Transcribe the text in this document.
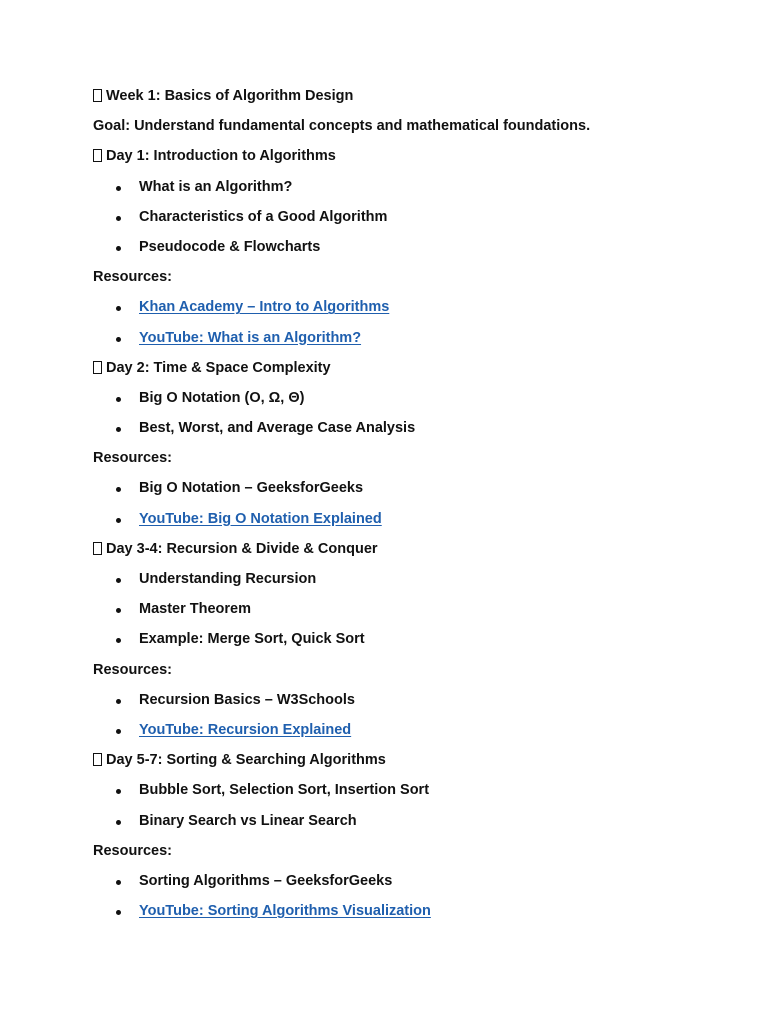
Week 1: Basics of Algorithm Design
Goal: Understand fundamental concepts and mathematical foundations.
Day 1: Introduction to Algorithms
What is an Algorithm?
Characteristics of a Good Algorithm
Pseudocode & Flowcharts
Resources:
Khan Academy – Intro to Algorithms
YouTube: What is an Algorithm?
Day 2: Time & Space Complexity
Big O Notation (O, Ω, Θ)
Best, Worst, and Average Case Analysis
Resources:
Big O Notation – GeeksforGeeks
YouTube: Big O Notation Explained
Day 3-4: Recursion & Divide & Conquer
Understanding Recursion
Master Theorem
Example: Merge Sort, Quick Sort
Resources:
Recursion Basics – W3Schools
YouTube: Recursion Explained
Day 5-7: Sorting & Searching Algorithms
Bubble Sort, Selection Sort, Insertion Sort
Binary Search vs Linear Search
Resources:
Sorting Algorithms – GeeksforGeeks
YouTube: Sorting Algorithms Visualization
